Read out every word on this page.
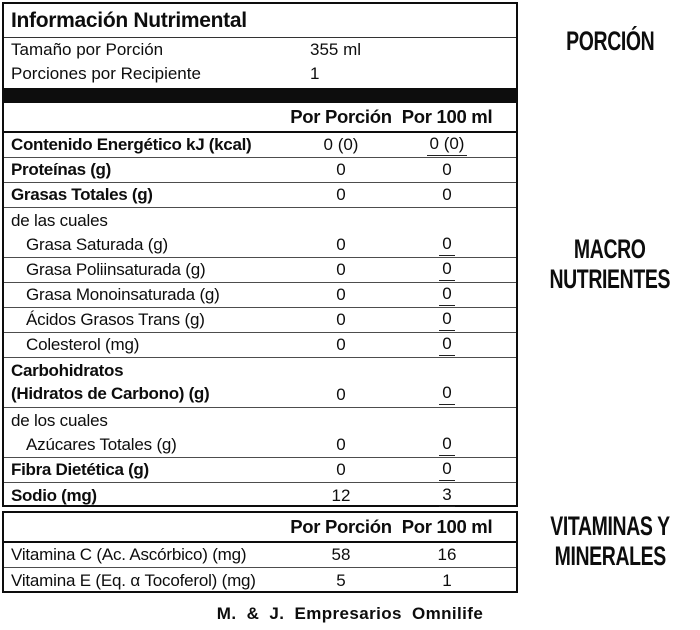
Información Nutrimental
Tamaño por Porción	355 ml
Porciones por Recipiente	1
Por Porción Por 100 ml
Contenido Energético kJ (kcal)	0 (0)	0 (0)
Proteínas (g)	0	0
Grasas Totales (g)	0	0
de las cuales
Grasa Saturada (g)	0	0
Grasa Poliinsaturada (g)	0	0
Grasa Monoinsaturada (g)	0	0
Ácidos Grasos Trans (g)	0	0
Colesterol (mg)	0	0
Carbohidratos
(Hidratos de Carbono) (g)	0	0
de los cuales
Azúcares Totales (g)	0	0
Fibra Dietética (g)	0	0
Sodio (mg)	12	3
Por Porción Por 100 ml
Vitamina C (Ac. Ascórbico) (mg)	58	16
Vitamina E (Eq. α Tocoferol) (mg)	5	1
M. & J. Empresarios Omnilife
PORCIÓN
MACRO
NUTRIENTES
VITAMINAS Y
MINERALES
